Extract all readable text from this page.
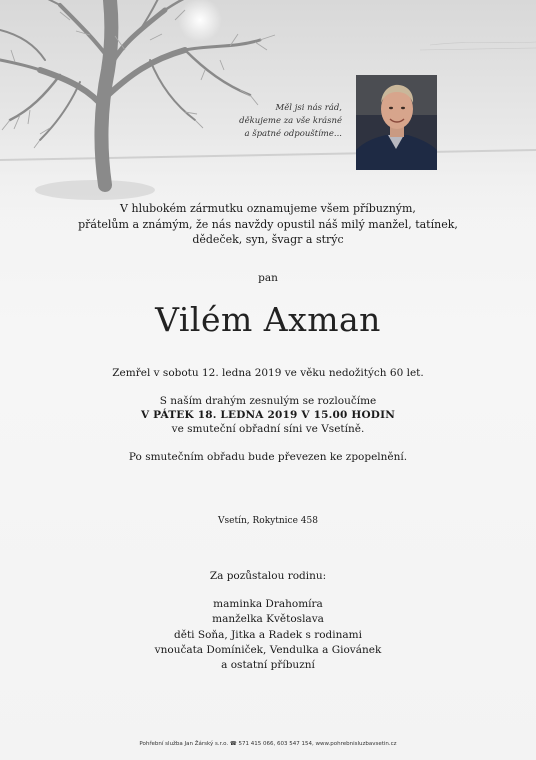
Měl jsi nás rád,
děkujeme za vše krásné
a špatné odpouštíme...
V hlubokém zármutku oznamujeme všem příbuzným,
přátelům a známým, že nás navždy opustil náš milý manžel, tatínek,
dědeček, syn, švagr a strýc
pan
Vilém Axman
Zemřel v sobotu 12. ledna 2019 ve věku nedožitých 60 let.
S naším drahým zesnulým se rozloučíme
V PÁTEK 18. LEDNA 2019 V 15.00 HODIN
ve smuteční obřadní síni ve Vsetíně.
Po smutečním obřadu bude převezen ke zpopelnění.
Vsetín, Rokytnice 458
Za pozůstalou rodinu:
maminka Drahomíra
manželka Květoslava
děti Soňa, Jitka a Radek s rodinami
vnoučata Domíniček, Vendulka a Giovánek
a ostatní příbuzní
Pohřební služba Jan Žárský s.r.o. ☎ 571 415 066, 603 547 154, www.pohrebnisluzbavsetin.cz
